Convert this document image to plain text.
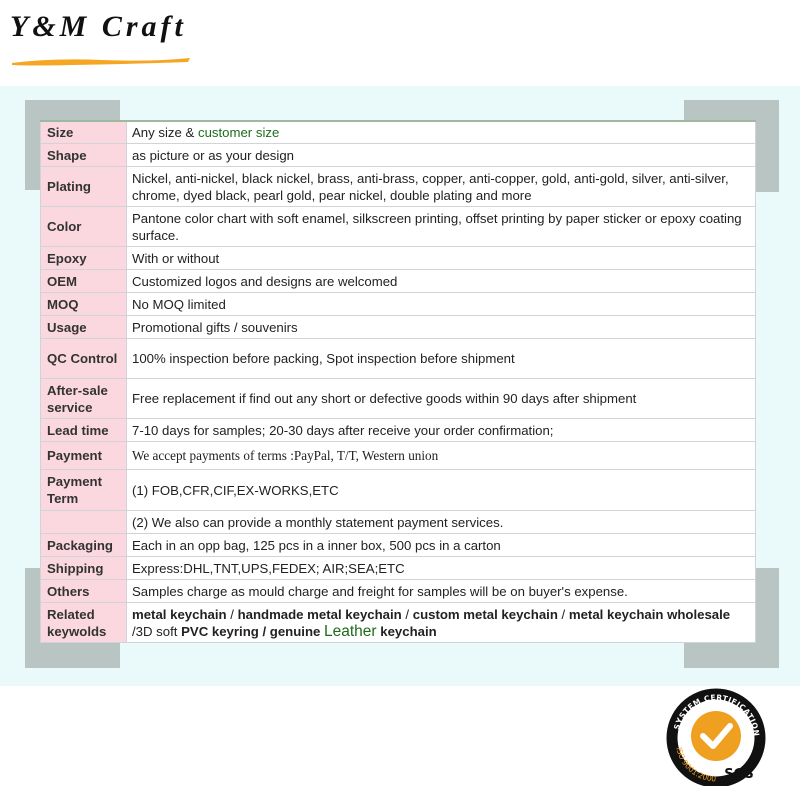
Y&M Craft
Size	Any size & customer size
Shape	as picture or as your design
Plating	Nickel, anti-nickel, black nickel, brass, anti-brass, copper, anti-copper, gold, anti-gold, silver, anti-silver, chrome, dyed black, pearl gold, pear nickel, double plating and more
Color	Pantone color chart with soft enamel, silkscreen printing, offset printing by paper sticker or epoxy coating surface.
Epoxy	With or without
OEM	Customized logos and designs are welcomed
MOQ	No MOQ limited
Usage	Promotional gifts / souvenirs
QC Control	100% inspection before packing, Spot inspection before shipment
After-sale service	Free replacement if find out any short or defective goods within 90 days after shipment
Lead time	7-10 days for samples; 20-30 days after receive your order confirmation;
Payment	We accept payments of terms :PayPal, T/T, Western union
Payment Term	(1) FOB,CFR,CIF,EX-WORKS,ETC
	(2) We also can provide a monthly statement payment services.
Packaging	Each in an opp bag, 125 pcs in a inner box, 500 pcs in a carton
Shipping	Express:DHL,TNT,UPS,FEDEX; AIR;SEA;ETC
Others	Samples charge as mould charge and freight for samples will be on buyer's expense.
Related keywolds	metal keychain / handmade metal keychain / custom metal keychain / metal keychain wholesale /3D soft PVC keyring / genuine Leather keychain
SYSTEM CERTIFICATION
ISO 9001:2000 SGS
